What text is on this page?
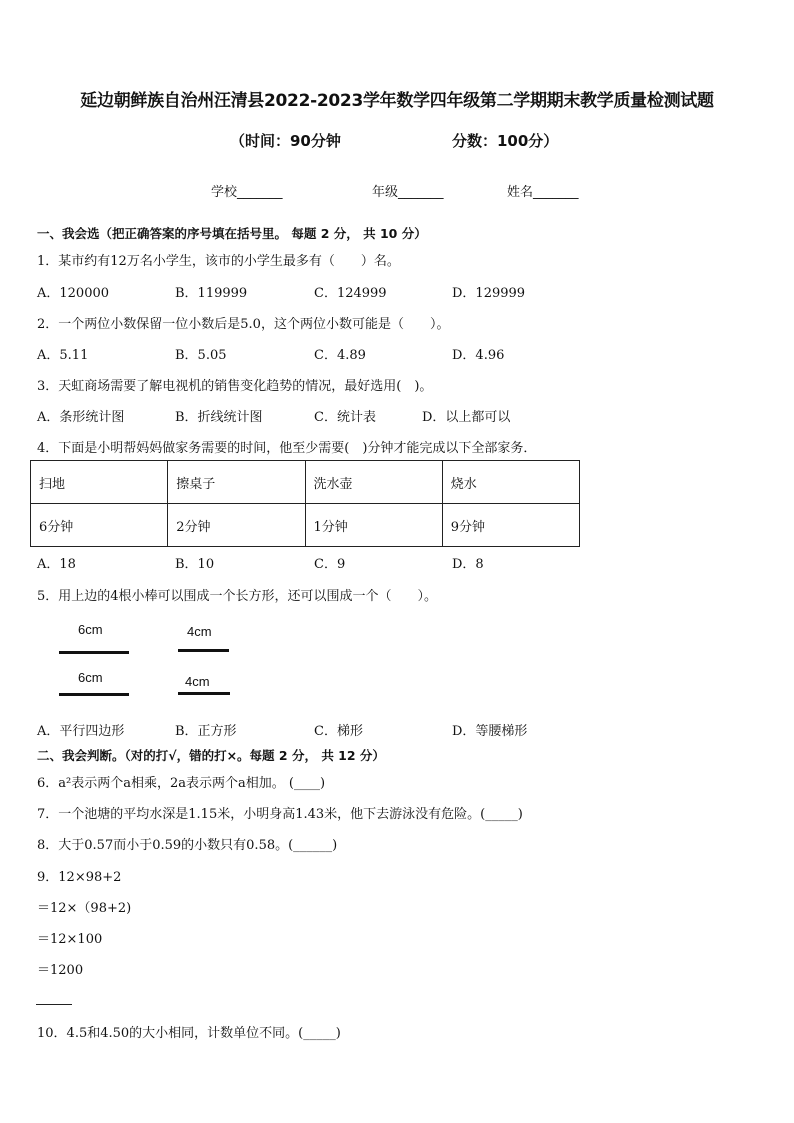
延边朝鲜族自治州汪清县2022-2023学年数学四年级第二学期期末教学质量检测试题
（时间：90分钟	分数：100分）
学校_______	年级_______	姓名_______
一、我会选（把正确答案的序号填在括号里。 每题 2 分， 共 10 分）
1．某市约有12万名小学生，该市的小学生最多有（　　）名。
A．120000	B．119999	C．124999	D．129999
2．一个两位小数保留一位小数后是5.0，这个两位小数可能是（　　）。
A．5.11	B．5.05	C．4.89	D．4.96
3．天虹商场需要了解电视机的销售变化趋势的情况，最好选用(　)。
A．条形统计图	B．折线统计图	C．统计表	D．以上都可以
4．下面是小明帮妈妈做家务需要的时间，他至少需要(　)分钟才能完成以下全部家务．
扫地	擦桌子	洗水壶	烧水
6分钟	2分钟	1分钟	9分钟
A．18	B．10	C．9	D．8
5．用上边的4根小棒可以围成一个长方形，还可以围成一个（　　）。
6cm	4cm
6cm	4cm
A．平行四边形	B．正方形	C．梯形	D．等腰梯形
二、我会判断。（对的打√，错的打×。每题 2 分， 共 12 分）
6．a²表示两个a相乘，2a表示两个a相加。 (____)
7．一个池塘的平均水深是1.15米，小明身高1.43米，他下去游泳没有危险。(_____)
8．大于0.57而小于0.59的小数只有0.58。(______)
9．12×98+2
＝12×（98+2)
＝12×100
＝1200
10．4.5和4.50的大小相同，计数单位不同。(_____)
